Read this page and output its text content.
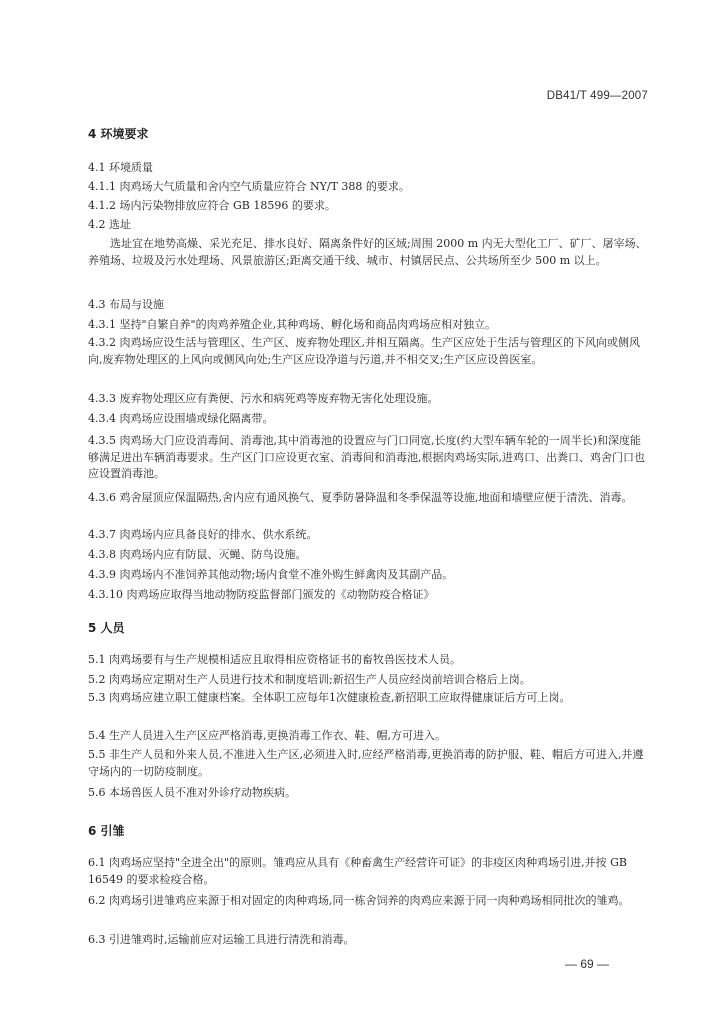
DB41/T 499—2007
4 环境要求

4.1 环境质量

4.1.1 肉鸡场大气质量和舍内空气质量应符合 NY/T 388 的要求。

4.1.2 场内污染物排放应符合 GB 18596 的要求。

4.2 选址

选址宜在地势高燥、采光充足、排水良好、隔离条件好的区域;周围 2000 m 内无大型化工厂、矿厂、屠宰场、养殖场、垃圾及污水处理场、风景旅游区;距离交通干线、城市、村镇居民点、公共场所至少 500 m 以上。

4.3 布局与设施

4.3.1 坚持"自繁自养"的肉鸡养殖企业,其种鸡场、孵化场和商品肉鸡场应相对独立。

4.3.2 肉鸡场应设生活与管理区、生产区、废弃物处理区,并相互隔离。生产区应处于生活与管理区的下风向或侧风向,废弃物处理区的上风向或侧风向处;生产区应设净道与污道,并不相交叉;生产区应设兽医室。

4.3.3 废弃物处理区应有粪便、污水和病死鸡等废弃物无害化处理设施。

4.3.4 肉鸡场应设围墙或绿化隔离带。

4.3.5 肉鸡场大门应设消毒间、消毒池,其中消毒池的设置应与门口同宽,长度(约大型车辆车轮的一周半长)和深度能够满足进出车辆消毒要求。生产区门口应设更衣室、消毒间和消毒池,根据肉鸡场实际,进鸡口、出粪口、鸡舍门口也应设置消毒池。

4.3.6 鸡舍屋顶应保温隔热,舍内应有通风换气、夏季防暑降温和冬季保温等设施,地面和墙壁应便于清洗、消毒。

4.3.7 肉鸡场内应具备良好的排水、供水系统。

4.3.8 肉鸡场内应有防鼠、灭蝇、防鸟设施。

4.3.9 肉鸡场内不准饲养其他动物;场内食堂不准外购生鲜禽肉及其副产品。

4.3.10 肉鸡场应取得当地动物防疫监督部门颁发的《动物防疫合格证》

5 人员

5.1 肉鸡场要有与生产规模相适应且取得相应资格证书的畜牧兽医技术人员。

5.2 肉鸡场应定期对生产人员进行技术和制度培训;新招生产人员应经岗前培训合格后上岗。

5.3 肉鸡场应建立职工健康档案。全体职工应每年1次健康检查,新招职工应取得健康证后方可上岗。

5.4 生产人员进入生产区应严格消毒,更换消毒工作衣、鞋、帽,方可进入。

5.5 非生产人员和外来人员,不准进入生产区,必须进入时,应经严格消毒,更换消毒的防护服、鞋、帽后方可进入,并遵守场内的一切防疫制度。

5.6 本场兽医人员不准对外诊疗动物疾病。

6 引雏

6.1 肉鸡场应坚持"全进全出"的原则。雏鸡应从具有《种畜禽生产经营许可证》的非疫区肉种鸡场引进,并按 GB 16549 的要求检疫合格。

6.2 肉鸡场引进雏鸡应来源于相对固定的肉种鸡场,同一栋舍饲养的肉鸡应来源于同一肉种鸡场相同批次的雏鸡。

6.3 引进雏鸡时,运输前应对运输工具进行清洗和消毒。

— 69 —
